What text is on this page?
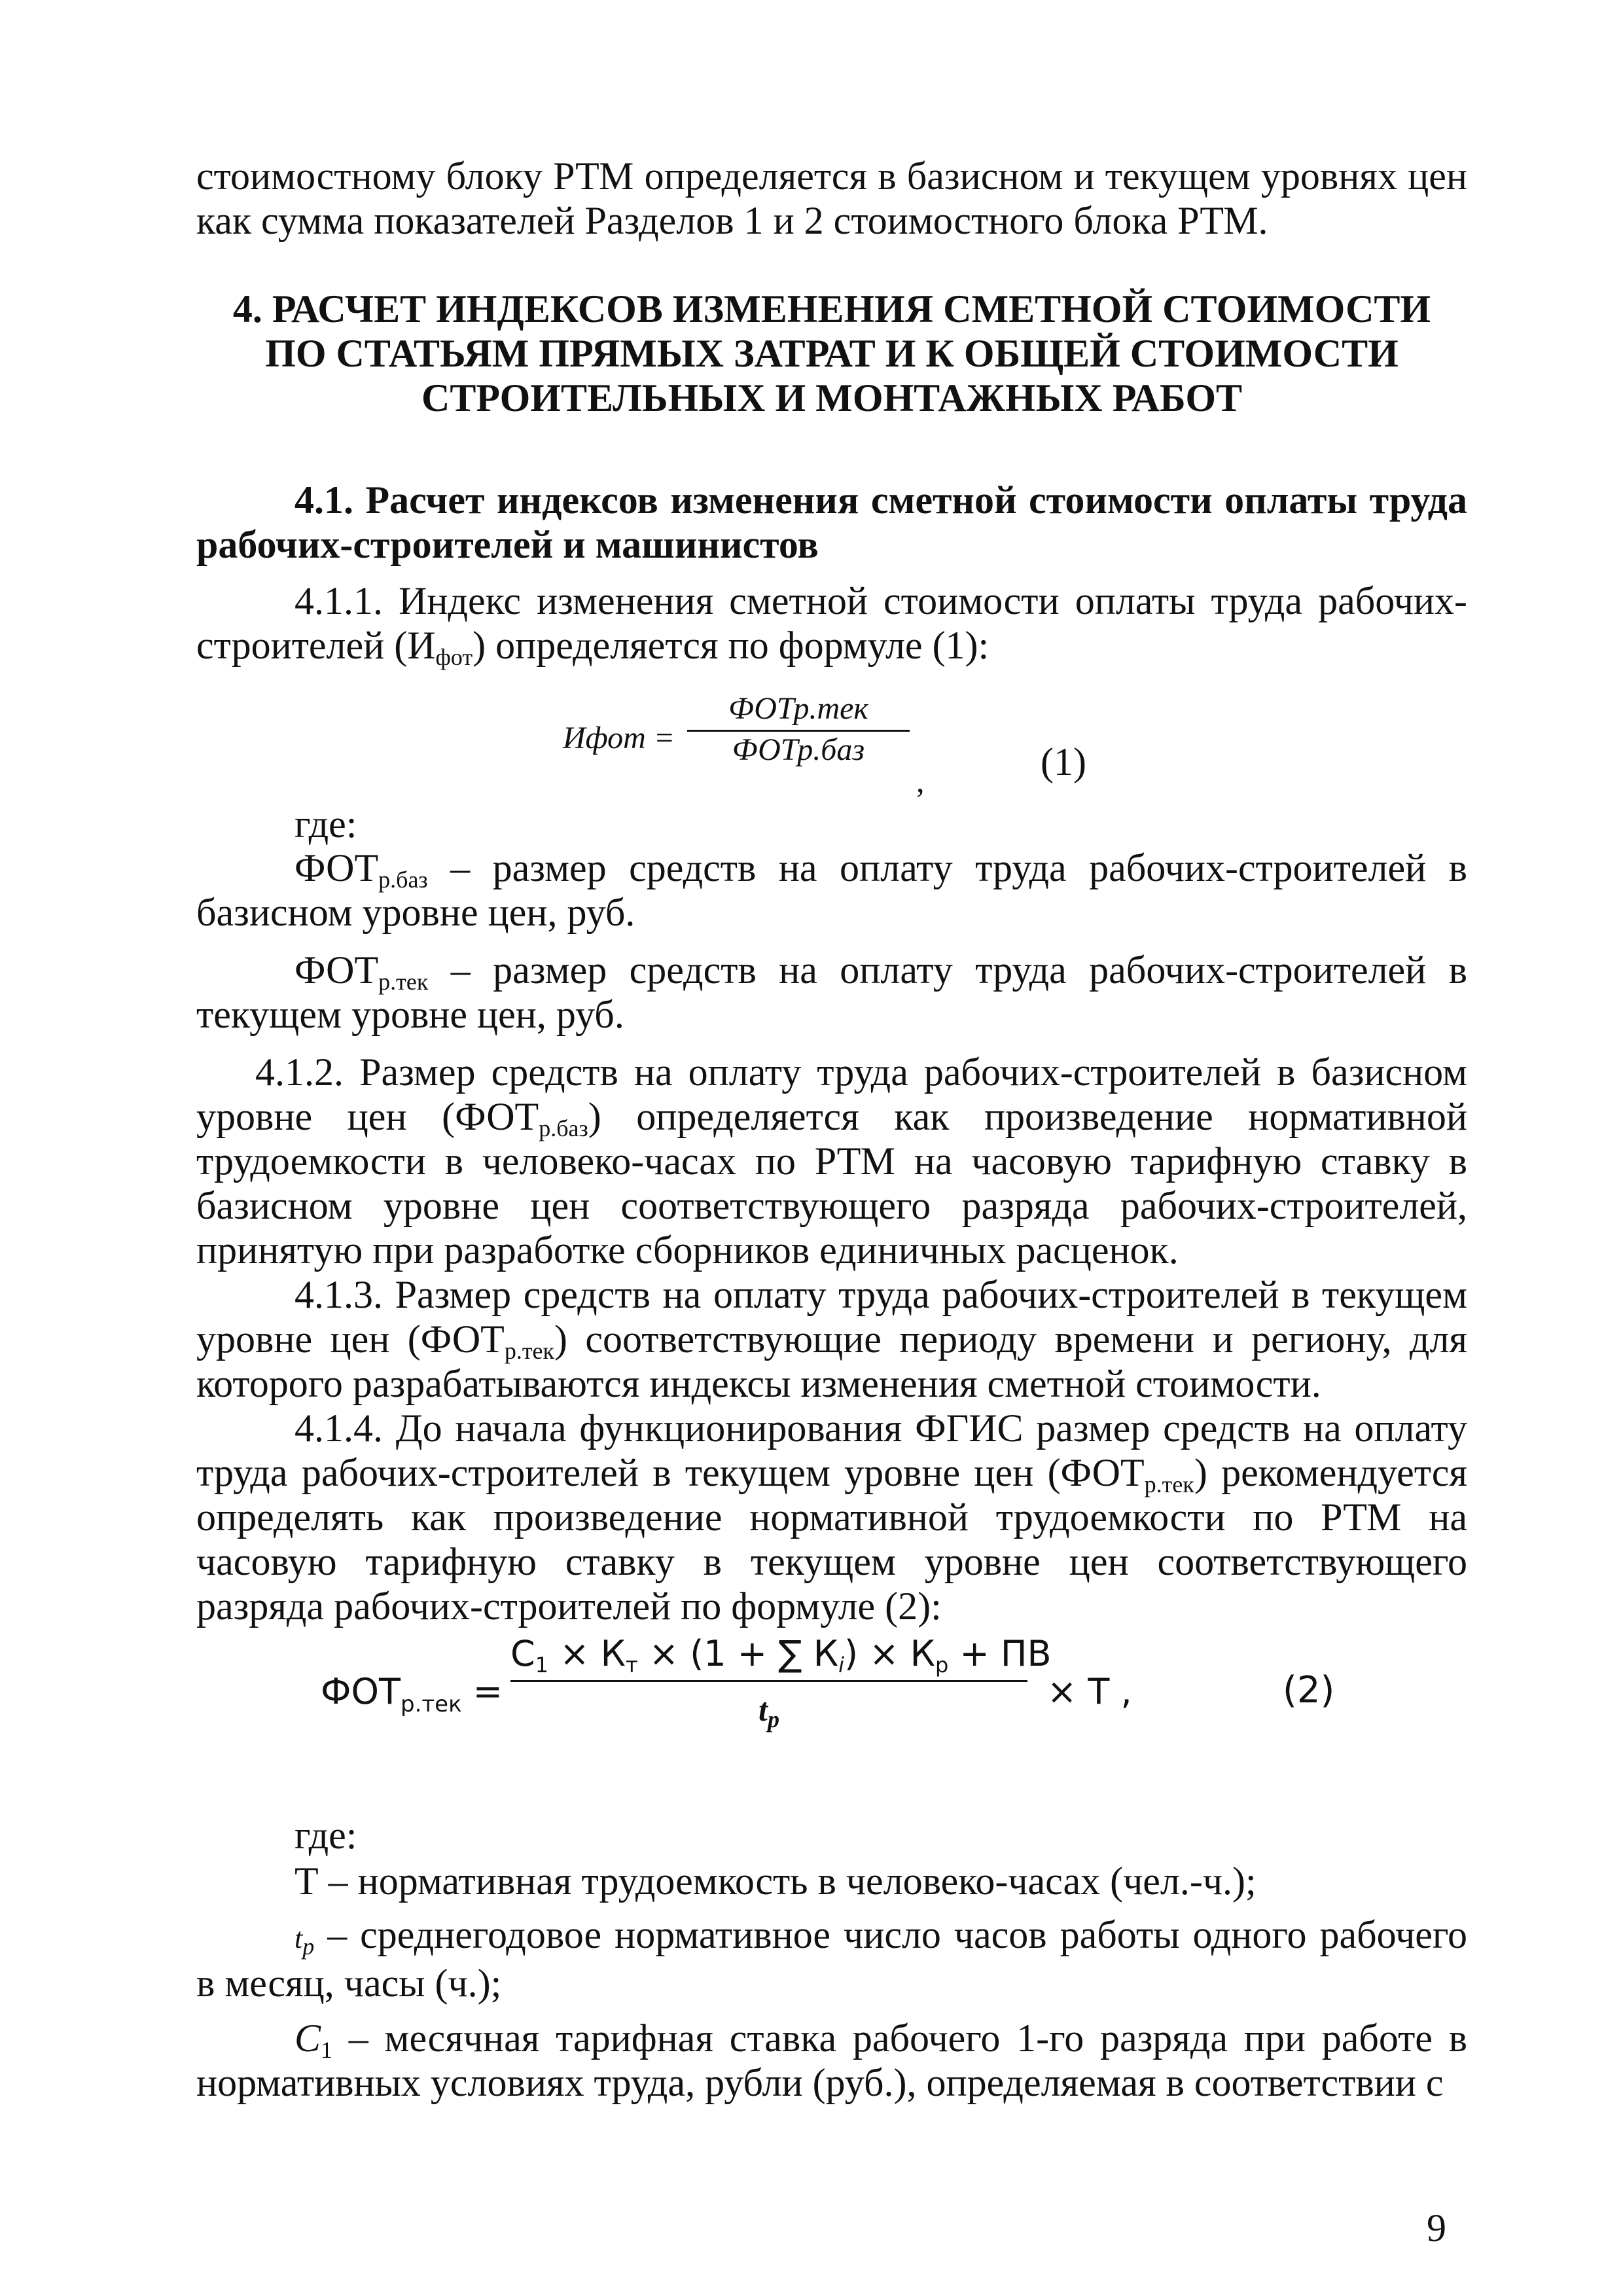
стоимостному блоку РТМ определяется в базисном и текущем уровнях цен как сумма показателей Разделов 1 и 2 стоимостного блока РТМ.
4. РАСЧЕТ ИНДЕКСОВ ИЗМЕНЕНИЯ СМЕТНОЙ СТОИМОСТИ
ПО СТАТЬЯМ ПРЯМЫХ ЗАТРАТ И К ОБЩЕЙ СТОИМОСТИ
СТРОИТЕЛЬНЫХ И МОНТАЖНЫХ РАБОТ
4.1. Расчет индексов изменения сметной стоимости оплаты труда рабочих-строителей и машинистов
4.1.1. Индекс изменения сметной стоимости оплаты труда рабочих-строителей $(И_{фот})$ определяется по формуле (1):
Ифот =
ФОТр.тек
ФОТр.баз
,	(1)
где:
$ФОТ_{р.баз}$ – размер средств на оплату труда рабочих-строителей в базисном уровне цен, руб.
$ФОТ_{р.тек}$ – размер средств на оплату труда рабочих-строителей в текущем уровне цен, руб.
4.1.2. Размер средств на оплату труда рабочих-строителей в базисном уровне цен $(ФОТ_{р.баз})$ определяется как произведение нормативной трудоемкости в человеко-часах по РТМ на часовую тарифную ставку в базисном уровне цен соответствующего разряда рабочих-строителей, принятую при разработке сборников единичных расценок.
4.1.3. Размер средств на оплату труда рабочих-строителей в текущем уровне цен $(ФОТ_{р.тек})$ соответствующие периоду времени и региону, для которого разрабатываются индексы изменения сметной стоимости.
4.1.4. До начала функционирования ФГИС размер средств на оплату труда рабочих-строителей в текущем уровне цен $(ФОТ_{р.тек})$ рекомендуется определять как произведение нормативной трудоемкости по РТМ на часовую тарифную ставку в текущем уровне цен соответствующего разряда рабочих-строителей по формуле (2):
$ФОТ_{р.тек}$ =
$С_1 \times К_т \times (1$ + ∑ $К_i) \times К_р$ + ПВ
$t_p$
× Т ,	(2)
где:
Т – нормативная трудоемкость в человеко-часах (чел.-ч.);
$t_p$ – среднегодовое нормативное число часов работы одного рабочего в месяц, часы (ч.);
$C_1$ – месячная тарифная ставка рабочего 1-го разряда при работе в нормативных условиях труда, рубли (руб.), определяемая в соответствии с
9
